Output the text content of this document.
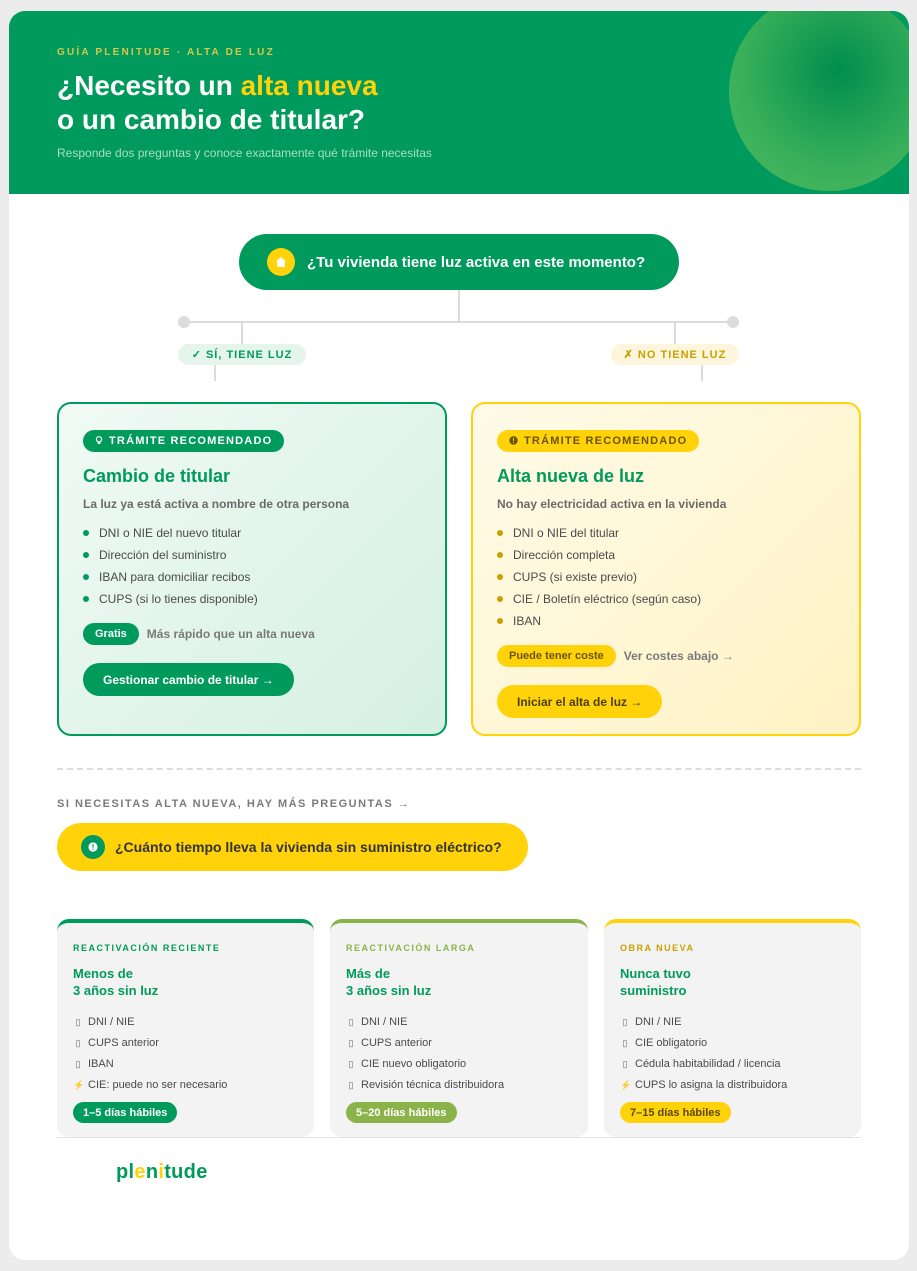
GUÍA PLENITUDE · ALTA DE LUZ
¿Necesito un alta nueva
o un cambio de titular?
Responde dos preguntas y conoce exactamente qué trámite necesitas
¿Tu vivienda tiene luz activa en este momento?
✓ SÍ, TIENE LUZ	✗ NO TIENE LUZ
TRÁMITE RECOMENDADO
Cambio de titular
La luz ya está activa a nombre de otra persona
DNI o NIE del nuevo titular
Dirección del suministro
IBAN para domiciliar recibos
CUPS (si lo tienes disponible)
Gratis	Más rápido que un alta nueva
Gestionar cambio de titular →
TRÁMITE RECOMENDADO
Alta nueva de luz
No hay electricidad activa en la vivienda
DNI o NIE del titular
Dirección completa
CUPS (si existe previo)
CIE / Boletín eléctrico (según caso)
IBAN
Puede tener coste	Ver costes abajo →
Iniciar el alta de luz →
SI NECESITAS ALTA NUEVA, HAY MÁS PREGUNTAS →
¿Cuánto tiempo lleva la vivienda sin suministro eléctrico?
REACTIVACIÓN RECIENTE
Menos de
3 años sin luz
▯ DNI / NIE
▯ CUPS anterior
▯ IBAN
⚡ CIE: puede no ser necesario
1–5 días hábiles
REACTIVACIÓN LARGA
Más de
3 años sin luz
▯ DNI / NIE
▯ CUPS anterior
▯ CIE nuevo obligatorio
▯ Revisión técnica distribuidora
5–20 días hábiles
OBRA NUEVA
Nunca tuvo
suministro
▯ DNI / NIE
▯ CIE obligatorio
▯ Cédula habitabilidad / licencia
⚡ CUPS lo asigna la distribuidora
7–15 días hábiles
plenitude
